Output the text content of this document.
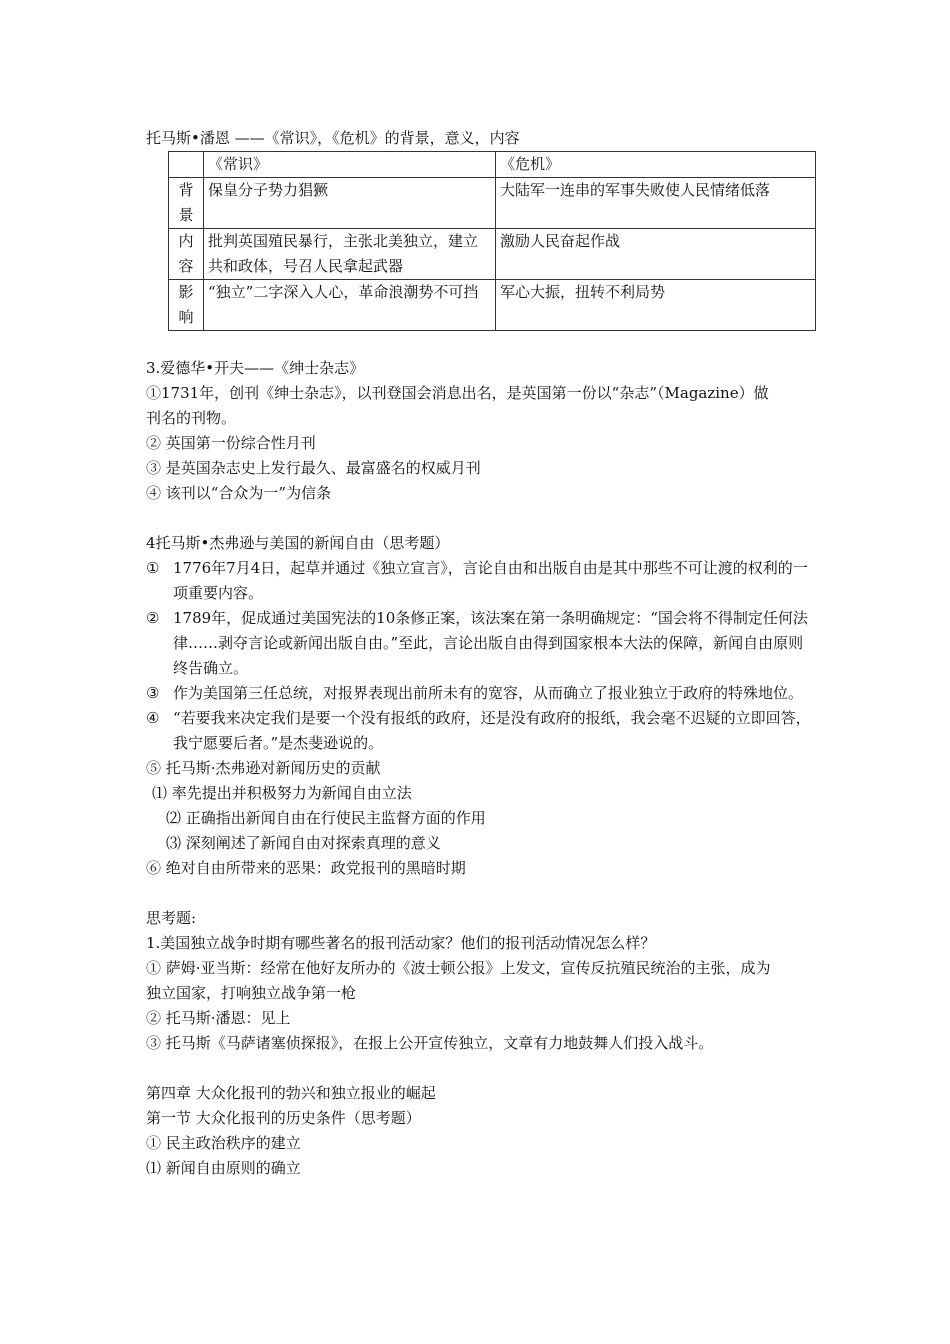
托马斯•潘恩 ——《常识》，《危机》的背景，意义，内容
	《常识》	《危机》
背景	保皇分子势力猖獗	大陆军一连串的军事失败使人民情绪低落
内容	批判英国殖民暴行，主张北美独立，建立共和政体，号召人民拿起武器	激励人民奋起作战
影响	“独立”二字深入人心，革命浪潮势不可挡	军心大振，扭转不利局势
3.爱德华•开夫——《绅士杂志》
①1731年，创刊《绅士杂志》，以刊登国会消息出名，是英国第一份以“杂志”（Magazine）做
刊名的刊物。
② 英国第一份综合性月刊
③ 是英国杂志史上发行最久、最富盛名的权威月刊
④ 该刊以“合众为一”为信条
4托马斯•杰弗逊与美国的新闻自由（思考题）
① 1776年7月4日，起草并通过《独立宣言》，言论自由和出版自由是其中那些不可让渡的权利的一项重要内容。
② 1789年，促成通过美国宪法的10条修正案，该法案在第一条明确规定：“国会将不得制定任何法律……剥夺言论或新闻出版自由。”至此，言论出版自由得到国家根本大法的保障，新闻自由原则终告确立。
③ 作为美国第三任总统，对报界表现出前所未有的宽容，从而确立了报业独立于政府的特殊地位。
④ “若要我来决定我们是要一个没有报纸的政府，还是没有政府的报纸，我会毫不迟疑的立即回答，我宁愿要后者。”是杰斐逊说的。
⑤ 托马斯·杰弗逊对新闻历史的贡献
⑴ 率先提出并积极努力为新闻自由立法
⑵ 正确指出新闻自由在行使民主监督方面的作用
⑶ 深刻阐述了新闻自由对探索真理的意义
⑥ 绝对自由所带来的恶果：政党报刊的黑暗时期
思考题:
1.美国独立战争时期有哪些著名的报刊活动家？他们的报刊活动情况怎么样？
① 萨姆·亚当斯：经常在他好友所办的《波士顿公报》上发文，宣传反抗殖民统治的主张，成为
独立国家，打响独立战争第一枪
② 托马斯·潘恩：见上
③ 托马斯《马萨诸塞侦探报》，在报上公开宣传独立，文章有力地鼓舞人们投入战斗。
第四章 大众化报刊的勃兴和独立报业的崛起
第一节 大众化报刊的历史条件（思考题）
① 民主政治秩序的建立
⑴ 新闻自由原则的确立
